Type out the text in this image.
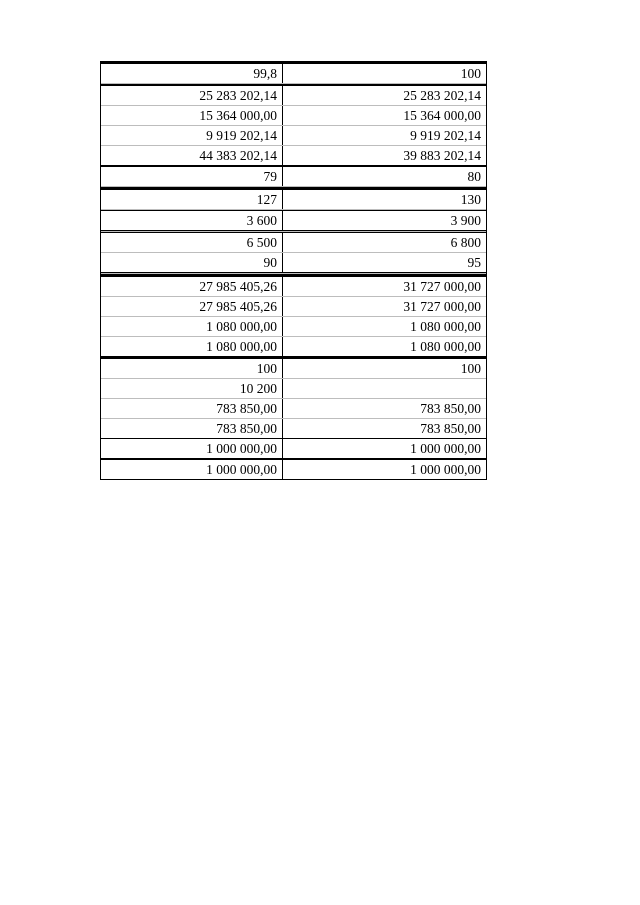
99,8	100
25 283 202,14	25 283 202,14
15 364 000,00	15 364 000,00
9 919 202,14	9 919 202,14
44 383 202,14	39 883 202,14
79	80
127	130
3 600	3 900
6 500	6 800
90	95
27 985 405,26	31 727 000,00
27 985 405,26	31 727 000,00
1 080 000,00	1 080 000,00
1 080 000,00	1 080 000,00
100	100
10 200
783 850,00	783 850,00
783 850,00	783 850,00
1 000 000,00	1 000 000,00
1 000 000,00	1 000 000,00
